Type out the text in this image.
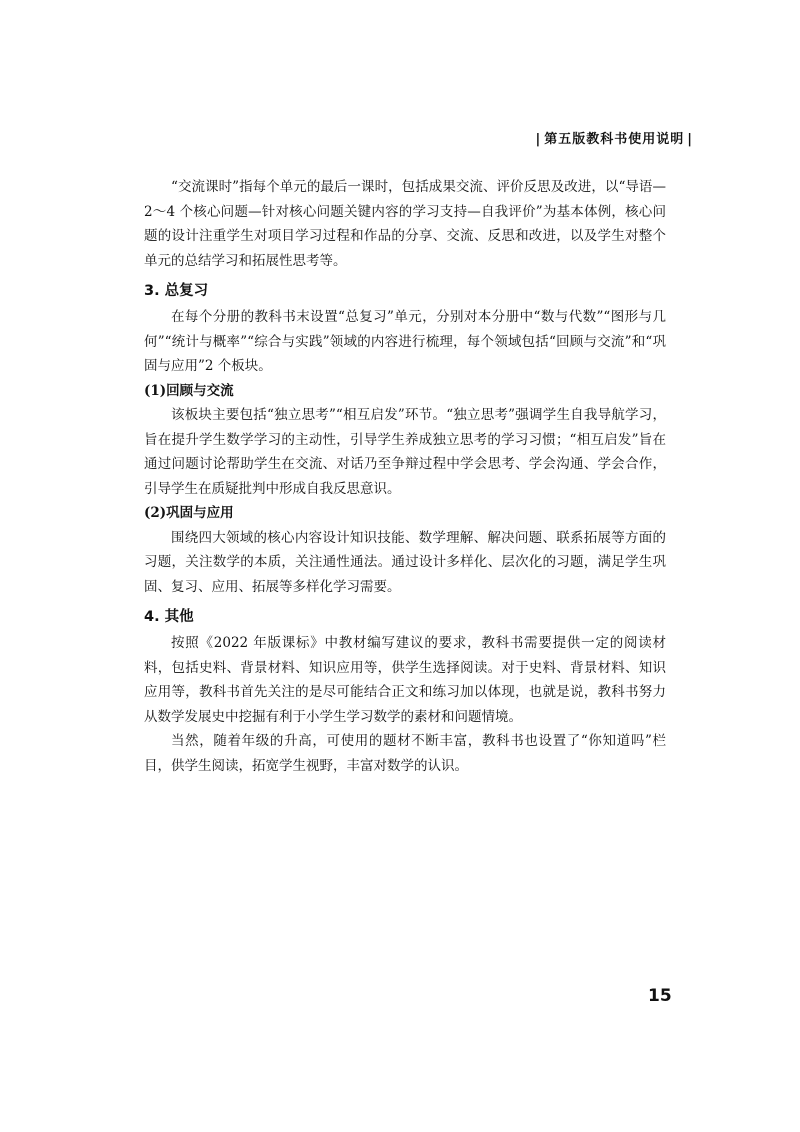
| 第五版教科书使用说明 |

“交流课时”指每个单元的最后一课时，包括成果交流、评价反思及改进，以“导语—2～4 个核心问题—针对核心问题关键内容的学习支持—自我评价”为基本体例，核心问题的设计注重学生对项目学习过程和作品的分享、交流、反思和改进，以及学生对整个单元的总结学习和拓展性思考等。

3. 总复习

在每个分册的教科书末设置“总复习”单元，分别对本分册中“数与代数”“图形与几何”“统计与概率”“综合与实践”领域的内容进行梳理，每个领域包括“回顾与交流”和“巩固与应用”2 个板块。

(1)回顾与交流

该板块主要包括“独立思考”“相互启发”环节。“独立思考”强调学生自我导航学习，旨在提升学生数学学习的主动性，引导学生养成独立思考的学习习惯；“相互启发”旨在通过问题讨论帮助学生在交流、对话乃至争辩过程中学会思考、学会沟通、学会合作，引导学生在质疑批判中形成自我反思意识。

(2)巩固与应用

围绕四大领域的核心内容设计知识技能、数学理解、解决问题、联系拓展等方面的习题，关注数学的本质，关注通性通法。通过设计多样化、层次化的习题，满足学生巩固、复习、应用、拓展等多样化学习需要。

4. 其他

按照《2022 年版课标》中教材编写建议的要求，教科书需要提供一定的阅读材料，包括史料、背景材料、知识应用等，供学生选择阅读。对于史料、背景材料、知识应用等，教科书首先关注的是尽可能结合正文和练习加以体现，也就是说，教科书努力从数学发展史中挖掘有利于小学生学习数学的素材和问题情境。

当然，随着年级的升高，可使用的题材不断丰富，教科书也设置了“你知道吗”栏目，供学生阅读，拓宽学生视野，丰富对数学的认识。

15
